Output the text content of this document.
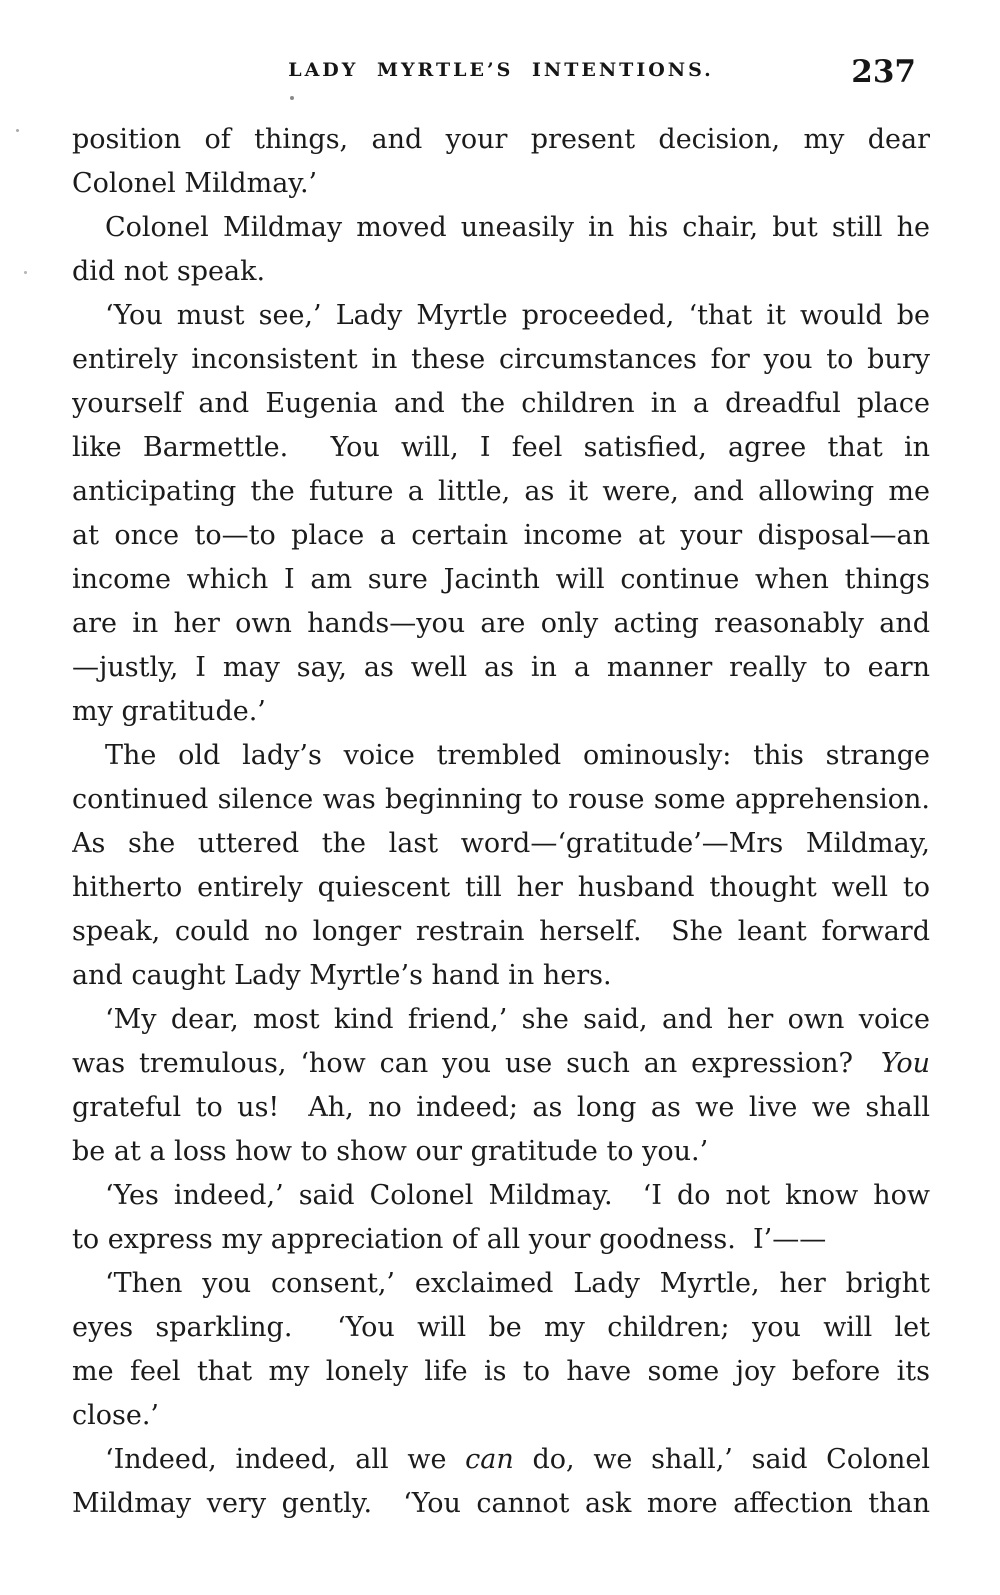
LADY MYRTLE’S INTENTIONS.	237
position of things, and your present decision, my dear
Colonel Mildmay.’
Colonel Mildmay moved uneasily in his chair, but still he
did not speak.
‘You must see,’ Lady Myrtle proceeded, ‘that it would be
entirely inconsistent in these circumstances for you to bury
yourself and Eugenia and the children in a dreadful place
like Barmettle.  You will, I feel satisfied, agree that in
anticipating the future a little, as it were, and allowing me
at once to—to place a certain income at your disposal—an
income which I am sure Jacinth will continue when things
are in her own hands—you are only acting reasonably and
—justly, I may say, as well as in a manner really to earn
my gratitude.’
The old lady’s voice trembled ominously: this strange
continued silence was beginning to rouse some apprehension.
As she uttered the last word—‘gratitude’—Mrs Mildmay,
hitherto entirely quiescent till her husband thought well to
speak, could no longer restrain herself.  She leant forward
and caught Lady Myrtle’s hand in hers.
‘My dear, most kind friend,’ she said, and her own voice
was tremulous, ‘how can you use such an expression?  You
grateful to us!  Ah, no indeed; as long as we live we shall
be at a loss how to show our gratitude to you.’
‘Yes indeed,’ said Colonel Mildmay.  ‘I do not know how
to express my appreciation of all your goodness.  I’——
‘Then you consent,’ exclaimed Lady Myrtle, her bright
eyes sparkling.  ‘You will be my children; you will let
me feel that my lonely life is to have some joy before its
close.’
‘Indeed, indeed, all we can do, we shall,’ said Colonel
Mildmay very gently.  ‘You cannot ask more affection than
